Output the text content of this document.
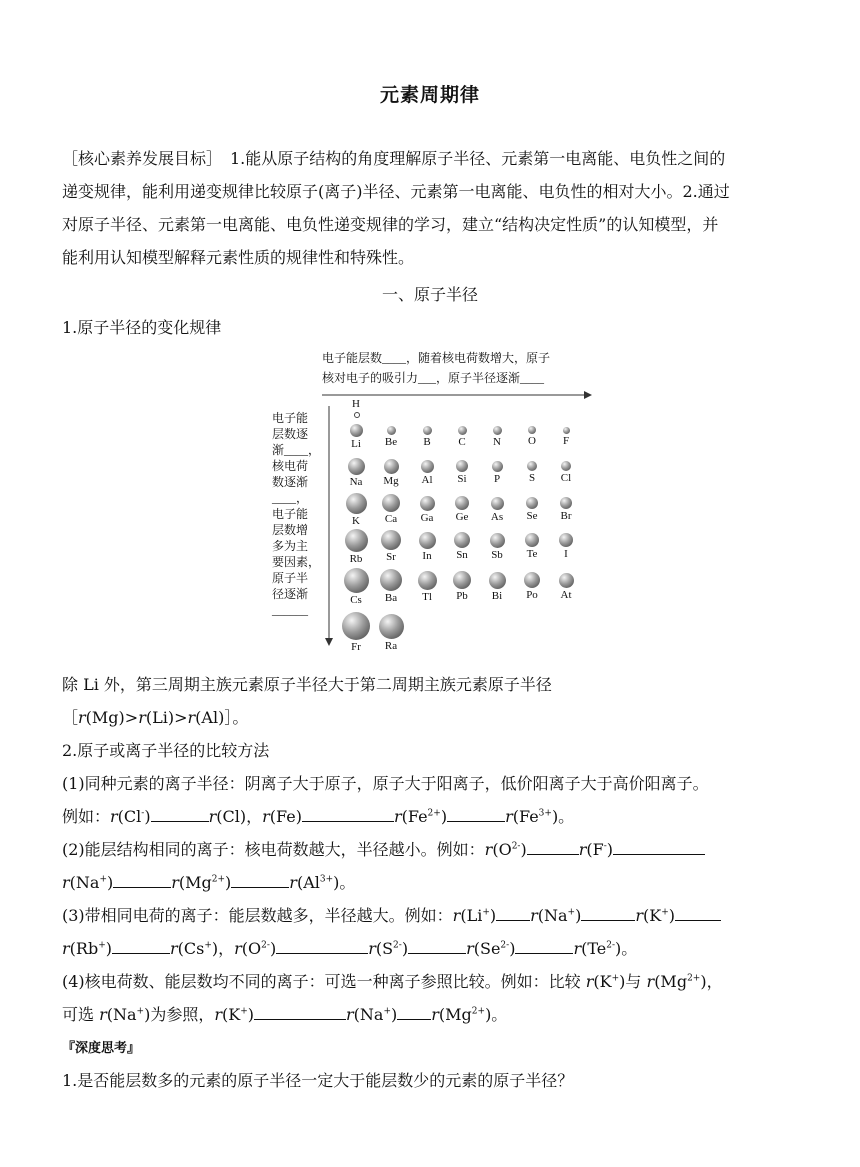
元素周期律
［核心素养发展目标］　1.能从原子结构的角度理解原子半径、元素第一电离能、电负性之间的
递变规律，能利用递变规律比较原子(离子)半径、元素第一电离能、电负性的相对大小。2.通过
对原子半径、元素第一电离能、电负性递变规律的学习，建立“结构决定性质”的认知模型，并
能利用认知模型解释元素性质的规律性和特殊性。
一、原子半径
1.原子半径的变化规律
电子能层数____，随着核电荷数增大，原子
核对电子的吸引力___，原子半径逐渐____
电子能
层数逐
渐____，
核电荷
数逐渐
____，
电子能
层数增
多为主
要因素，
原子半
径逐渐
______
H
Li	Be	B	C	N	O	F
Na	Mg	Al	Si	P	S	Cl
K	Ca	Ga	Ge	As	Se	Br
Rb	Sr	In	Sn	Sb	Te	I
Cs	Ba	Tl	Pb	Bi	Po	At
Fr	Ra
除 Li 外，第三周期主族元素原子半径大于第二周期主族元素原子半径
［r(Mg)>r(Li)>r(Al)］。
2.原子或离子半径的比较方法
(1)同种元素的离子半径：阴离子大于原子，原子大于阳离子，低价阳离子大于高价阳离子。
例如：r(Cl-)	r(Cl)，r(Fe)	$r(Fe^{2+})$	$r(Fe^{3+})$。
(2)能层结构相同的离子：核电荷数越大，半径越小。例如：$r(O^{2-})$	r(F-)
r(Na+)	$r(Mg^{2+})$	$r(Al^{3+})$。
(3)带相同电荷的离子：能层数越多，半径越大。例如：r(Li+) r(Na+)	r(K+)
r(Rb+)	r(Cs+)，$r(O^{2-})$	$r(S^{2-})$	$r(Se^{2-})$	$r(Te^{2-})$。
(4)核电荷数、能层数均不同的离子：可选一种离子参照比较。例如：比较 r(K+)与 $r(Mg^{2+})$，
可选 r(Na+)为参照，r(K+)	r(Na+) $r(Mg^{2+})$。
『深度思考』
1.是否能层数多的元素的原子半径一定大于能层数少的元素的原子半径？
